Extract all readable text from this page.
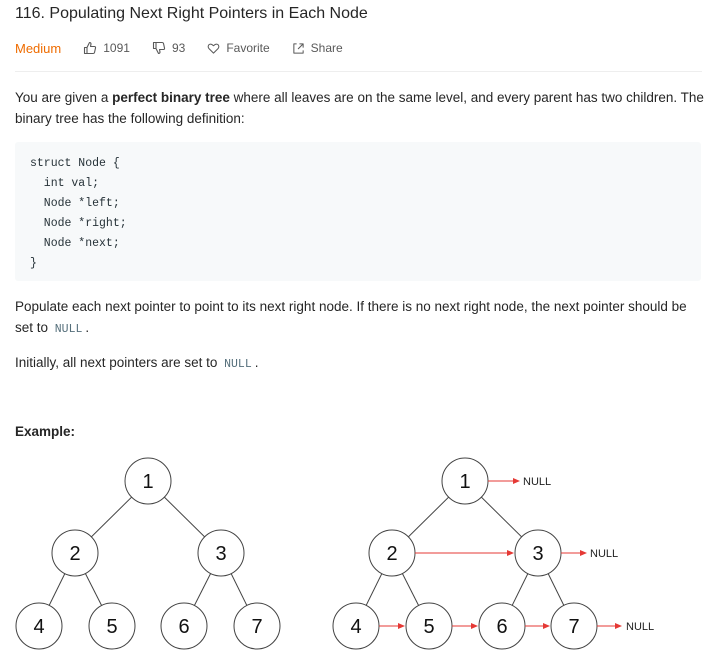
116. Populating Next Right Pointers in Each Node
Medium	1091	93	Favorite	Share

You are given a perfect binary tree where all leaves are on the same level, and every parent has two children. The binary tree has the following definition:

struct Node {
int val;
Node *left;
Node *right;
Node *next;
}

Populate each next pointer to point to its next right node. If there is no next right node, the next pointer should be set to NULL .

Initially, all next pointers are set to NULL .

Example:
1
2	3
4	5	6	7
1
2	3
4	5	6	7
NULL
NULL
NULL
